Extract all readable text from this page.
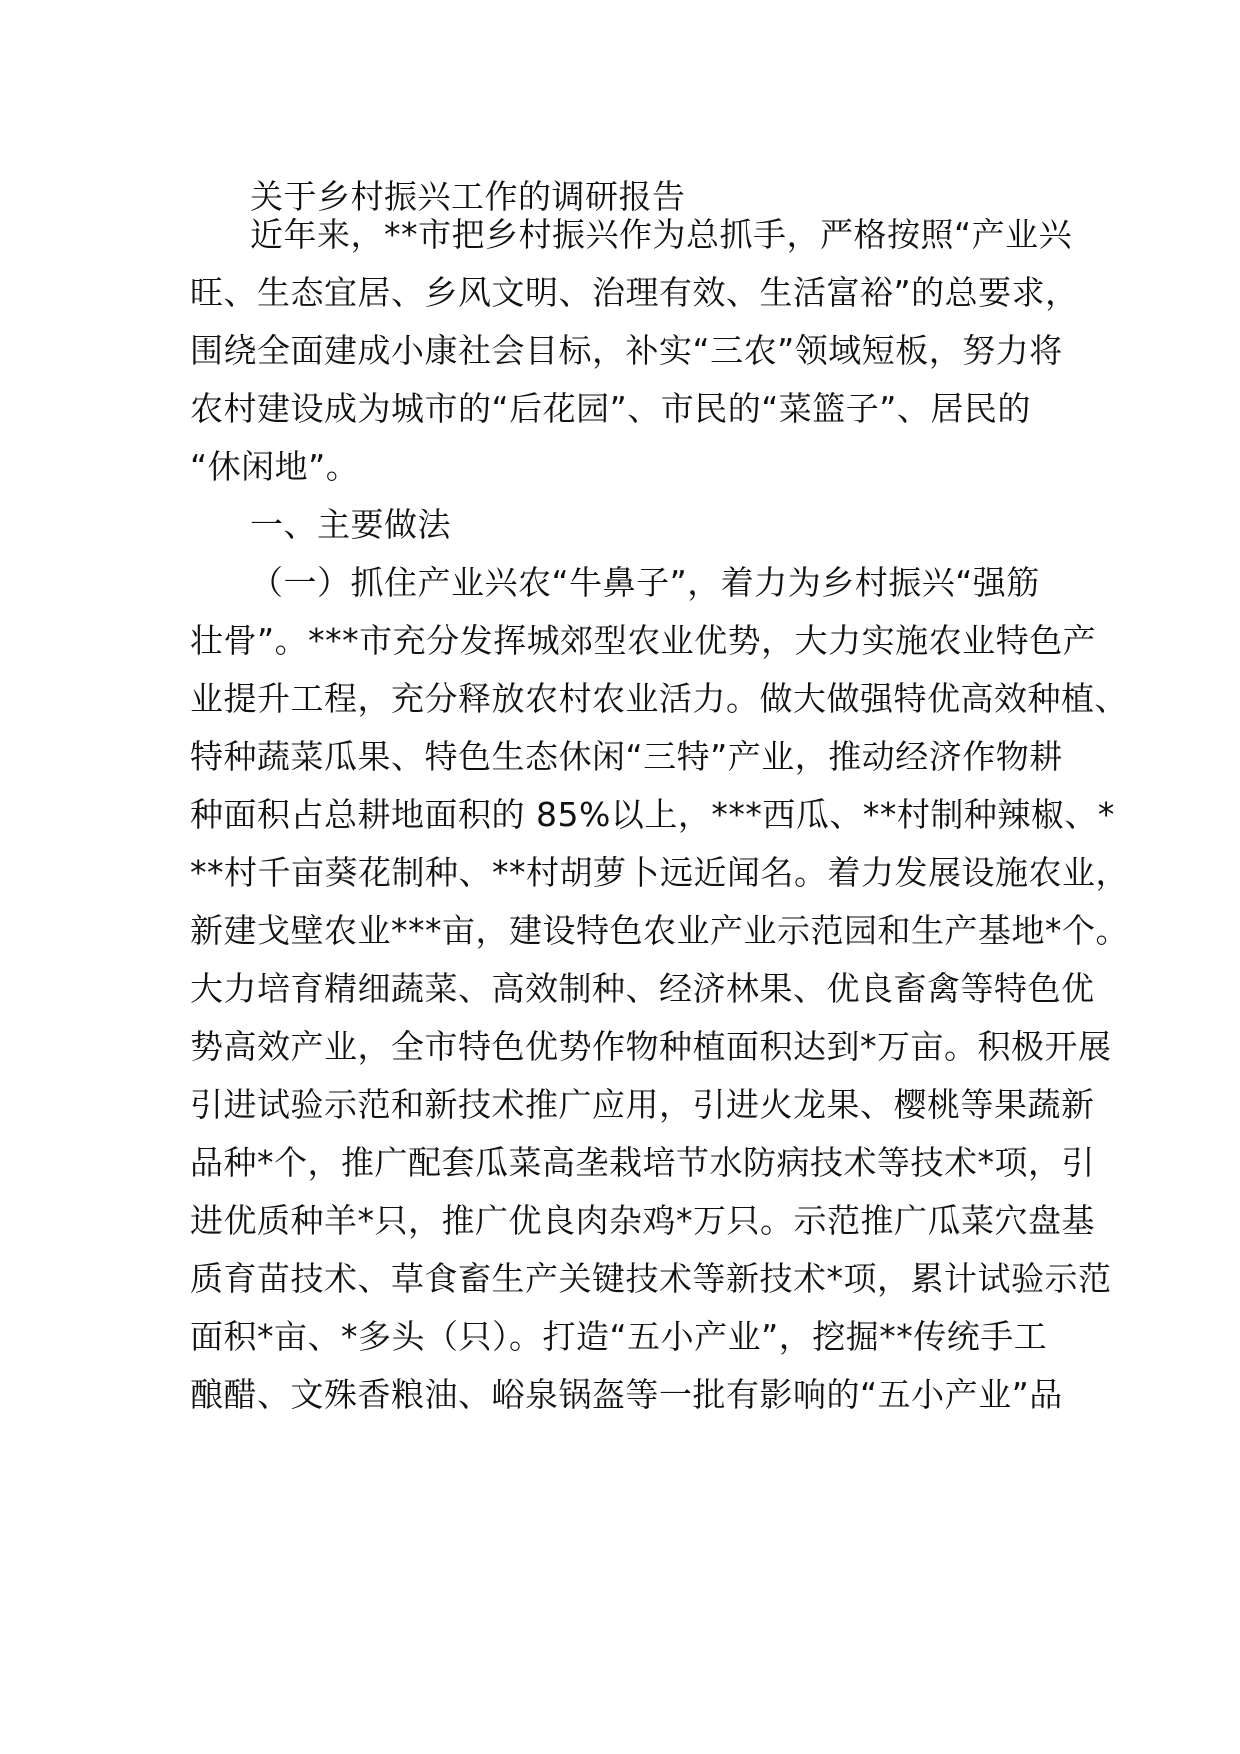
关于乡村振兴工作的调研报告
近年来，**市把乡村振兴作为总抓手，严格按照“产业兴
旺、生态宜居、乡风文明、治理有效、生活富裕”的总要求，
围绕全面建成小康社会目标，补实“三农”领域短板，努力将
农村建设成为城市的“后花园”、市民的“菜篮子”、居民的
“休闲地”。
一、主要做法
（一）抓住产业兴农“牛鼻子”，着力为乡村振兴“强筋
壮骨”。***市充分发挥城郊型农业优势，大力实施农业特色产
业提升工程，充分释放农村农业活力。做大做强特优高效种植、
特种蔬菜瓜果、特色生态休闲“三特”产业，推动经济作物耕
种面积占总耕地面积的 85%以上，***西瓜、**村制种辣椒、*
**村千亩葵花制种、**村胡萝卜远近闻名。着力发展设施农业，
新建戈壁农业***亩，建设特色农业产业示范园和生产基地*个。
大力培育精细蔬菜、高效制种、经济林果、优良畜禽等特色优
势高效产业，全市特色优势作物种植面积达到*万亩。积极开展
引进试验示范和新技术推广应用，引进火龙果、樱桃等果蔬新
品种*个，推广配套瓜菜高垄栽培节水防病技术等技术*项，引
进优质种羊*只，推广优良肉杂鸡*万只。示范推广瓜菜穴盘基
质育苗技术、草食畜生产关键技术等新技术*项，累计试验示范
面积*亩、*多头（只）。打造“五小产业”，挖掘**传统手工
酿醋、文殊香粮油、峪泉锅盔等一批有影响的“五小产业”品
